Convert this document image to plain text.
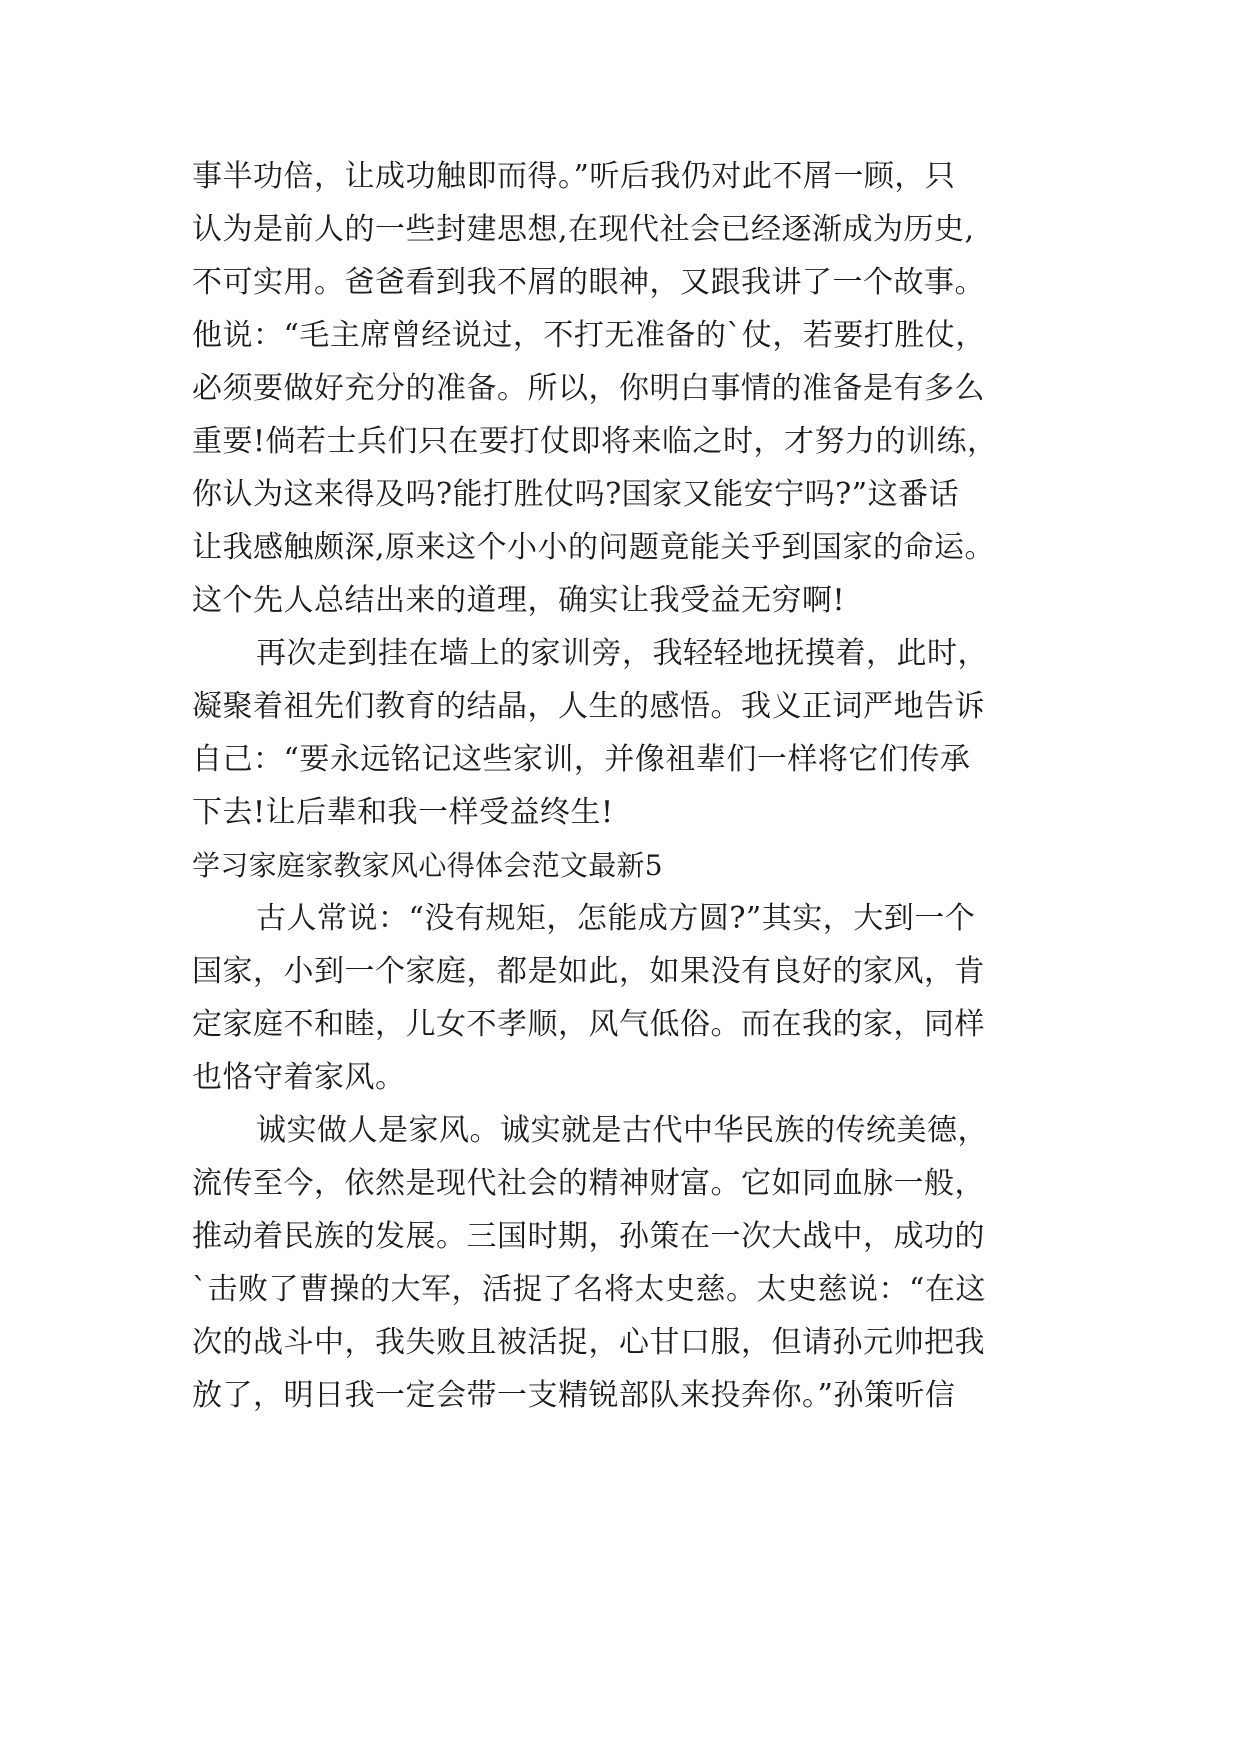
事半功倍，让成功触即而得。”听后我仍对此不屑一顾，只
认为是前人的一些封建思想,在现代社会已经逐渐成为历史,
不可实用。爸爸看到我不屑的眼神，又跟我讲了一个故事。
他说：“毛主席曾经说过，不打无准备的`仗，若要打胜仗，
必须要做好充分的准备。所以，你明白事情的准备是有多么
重要!倘若士兵们只在要打仗即将来临之时，才努力的训练，
你认为这来得及吗?能打胜仗吗?国家又能安宁吗?”这番话
让我感触颇深,原来这个小小的问题竟能关乎到国家的命运。
这个先人总结出来的道理，确实让我受益无穷啊!
再次走到挂在墙上的家训旁，我轻轻地抚摸着，此时，
凝聚着祖先们教育的结晶，人生的感悟。我义正词严地告诉
自己：“要永远铭记这些家训，并像祖辈们一样将它们传承
下去!让后辈和我一样受益终生!
学习家庭家教家风心得体会范文最新5
古人常说：“没有规矩，怎能成方圆?”其实，大到一个
国家，小到一个家庭，都是如此，如果没有良好的家风，肯
定家庭不和睦，儿女不孝顺，风气低俗。而在我的家，同样
也恪守着家风。
诚实做人是家风。诚实就是古代中华民族的传统美德，
流传至今，依然是现代社会的精神财富。它如同血脉一般，
推动着民族的发展。三国时期，孙策在一次大战中，成功的
`击败了曹操的大军，活捉了名将太史慈。太史慈说：“在这
次的战斗中，我失败且被活捉，心甘口服，但请孙元帅把我
放了，明日我一定会带一支精锐部队来投奔你。”孙策听信
